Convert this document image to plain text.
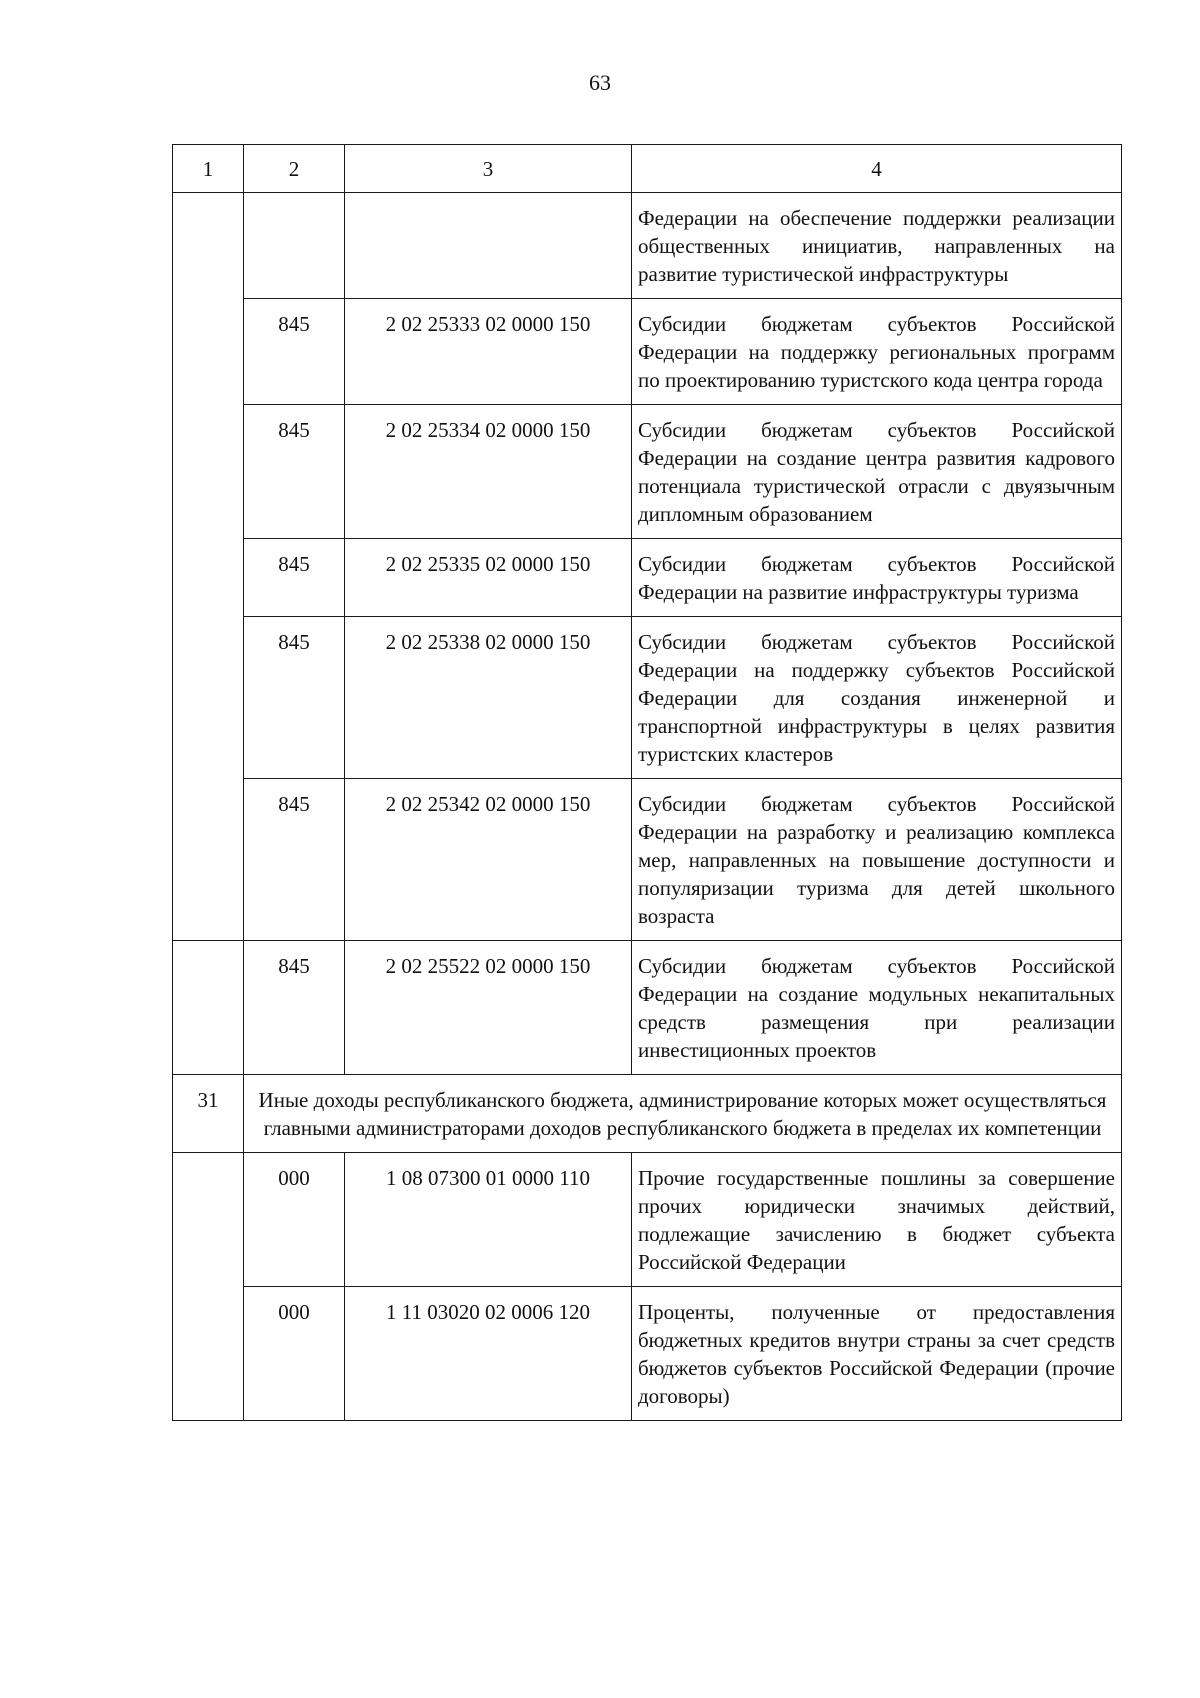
63
1	2	3	4
			Федерации на обеспечение поддержки реализации общественных инициатив, направленных на развитие туристической инфраструктуры
	845	2 02 25333 02 0000 150	Субсидии бюджетам субъектов Российской Федерации на поддержку региональных программ по проектированию туристского кода центра города
	845	2 02 25334 02 0000 150	Субсидии бюджетам субъектов Российской Федерации на создание центра развития кадрового потенциала туристической отрасли с двуязычным дипломным образованием
	845	2 02 25335 02 0000 150	Субсидии бюджетам субъектов Российской Федерации на развитие инфраструктуры туризма
	845	2 02 25338 02 0000 150	Субсидии бюджетам субъектов Российской Федерации на поддержку субъектов Российской Федерации для создания инженерной и транспортной инфраструктуры в целях развития туристских кластеров
	845	2 02 25342 02 0000 150	Субсидии бюджетам субъектов Российской Федерации на разработку и реализацию комплекса мер, направленных на повышение доступности и популяризации туризма для детей школьного возраста
	845	2 02 25522 02 0000 150	Субсидии бюджетам субъектов Российской Федерации на создание модульных некапитальных средств размещения при реализации инвестиционных проектов
31	Иные доходы республиканского бюджета, администрирование которых может осуществляться главными администраторами доходов республиканского бюджета в пределах их компетенции		
	000	1 08 07300 01 0000 110	Прочие государственные пошлины за совершение прочих юридически значимых действий, подлежащие зачислению в бюджет субъекта Российской Федерации
	000	1 11 03020 02 0006 120	Проценты, полученные от предоставления бюджетных кредитов внутри страны за счет средств бюджетов субъектов Российской Федерации (прочие договоры)
